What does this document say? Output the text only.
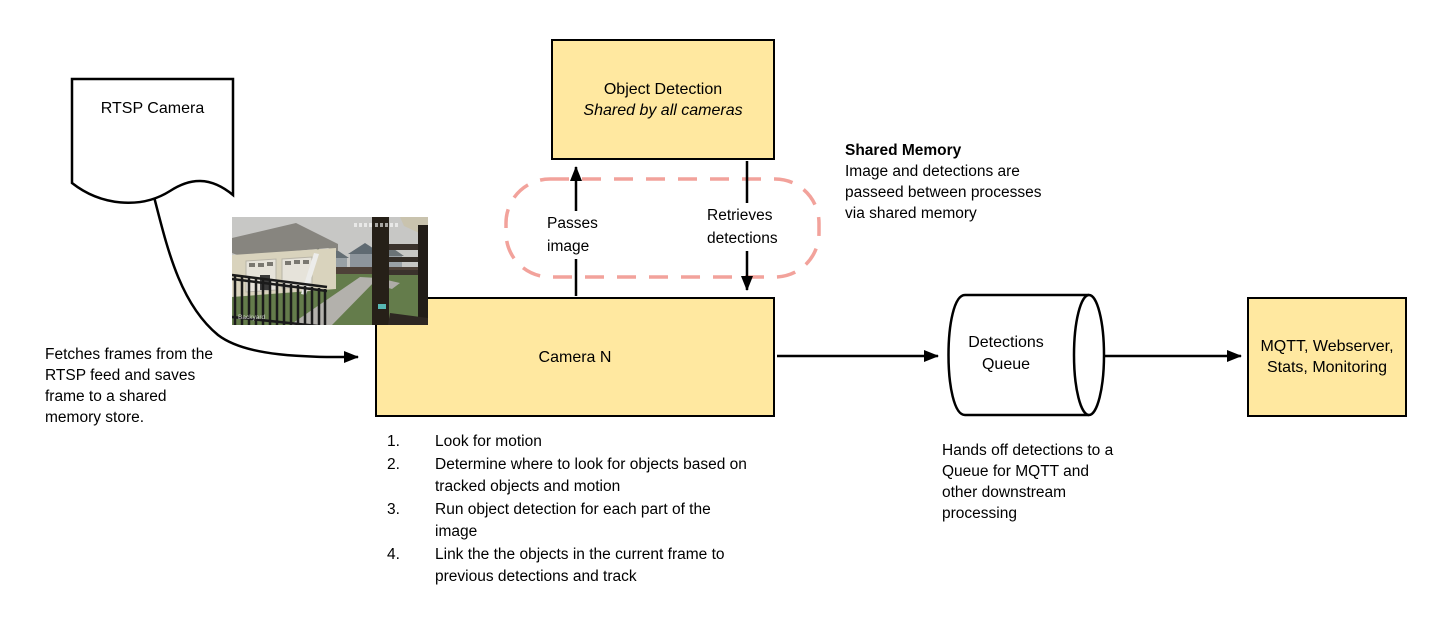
RTSP Camera
Object Detection
Shared by all cameras
Camera N
MQTT, Webserver, Stats, Monitoring
Detections Queue
Backyard
Passes image
Retrieves detections
Fetches frames from the RTSP feed and saves frame to a shared memory store.
Shared Memory
Image and detections are passeed between processes via shared memory
Hands off detections to a Queue for MQTT and other downstream processing
Look for motion
Determine where to look for objects based on tracked objects and motion
Run object detection for each part of the image
Link the the objects in the current frame to previous detections and track
